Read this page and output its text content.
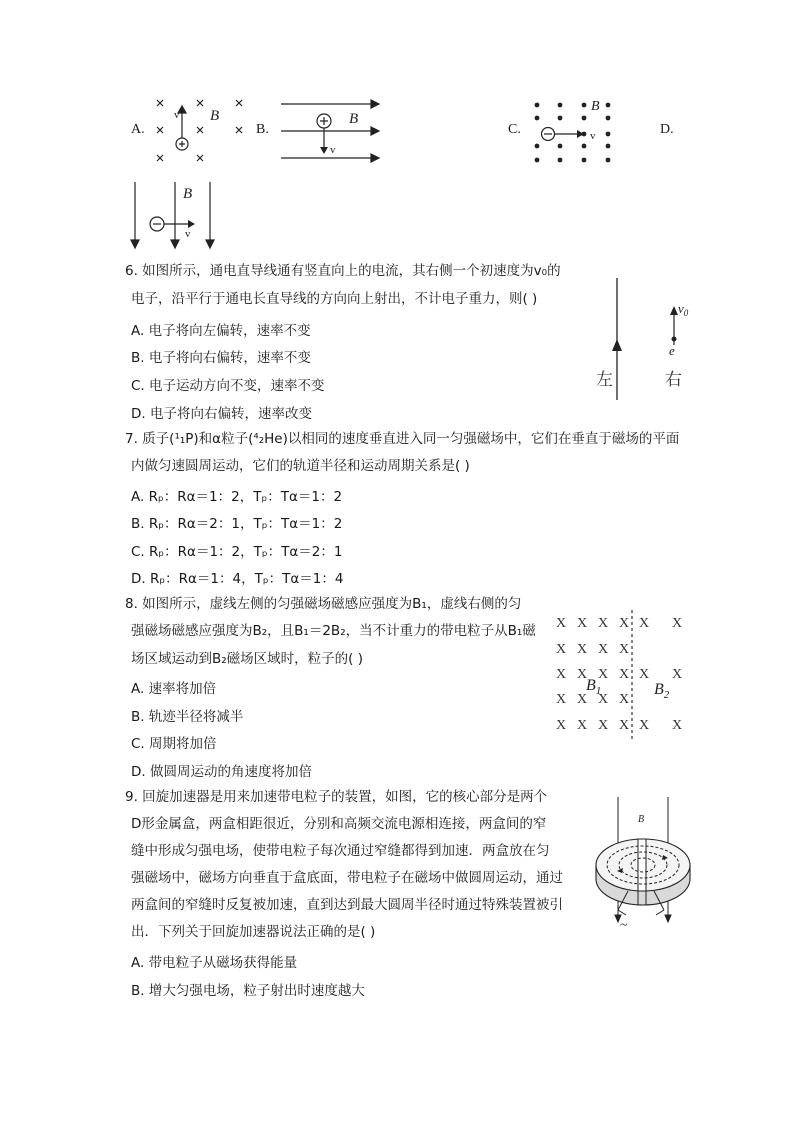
A.
v B
B.
v
B
C.	v
B
D.
v
B
6. 如图所示，通电直导线通有竖直向上的电流，其右侧一个初速度为v₀的
电子，沿平行于通电长直导线的方向向上射出，不计电子重力，则( )
A. 电子将向左偏转，速率不变
B. 电子将向右偏转，速率不变
C. 电子运动方向不变，速率不变
D. 电子将向右偏转，速率改变
$v_0$
e
左	右
7. 质子(¹₁P)和α粒子(⁴₂He)以相同的速度垂直进入同一匀强磁场中，它们在垂直于磁场的平面
内做匀速圆周运动，它们的轨道半径和运动周期关系是( )
A. Rₚ：Rα＝1：2，Tₚ：Tα＝1：2
B. Rₚ：Rα＝2：1，Tₚ：Tα＝1：2
C. Rₚ：Rα＝1：2，Tₚ：Tα＝2：1
D. Rₚ：Rα＝1：4，Tₚ：Tα＝1：4
8. 如图所示，虚线左侧的匀强磁场磁感应强度为B₁，虚线右侧的匀
强磁场磁感应强度为B₂，且B₁＝2B₂，当不计重力的带电粒子从B₁磁
场区域运动到B₂磁场区域时，粒子的( )
A. 速率将加倍
B. 轨迹半径将减半
C. 周期将加倍
D. 做圆周运动的角速度将加倍
X X X X X X
X X X X
X X X X X X
X X X X
X X X X X X
$B_1$	$B_2$
9. 回旋加速器是用来加速带电粒子的装置，如图，它的核心部分是两个
D形金属盒，两盒相距很近，分别和高频交流电源相连接，两盒间的窄
缝中形成匀强电场，使带电粒子每次通过窄缝都得到加速．两盒放在匀
强磁场中，磁场方向垂直于盒底面，带电粒子在磁场中做圆周运动，通过
两盒间的窄缝时反复被加速，直到达到最大圆周半径时通过特殊装置被引
出．下列关于回旋加速器说法正确的是( )
A. 带电粒子从磁场获得能量
B. 增大匀强电场，粒子射出时速度越大
B
~
